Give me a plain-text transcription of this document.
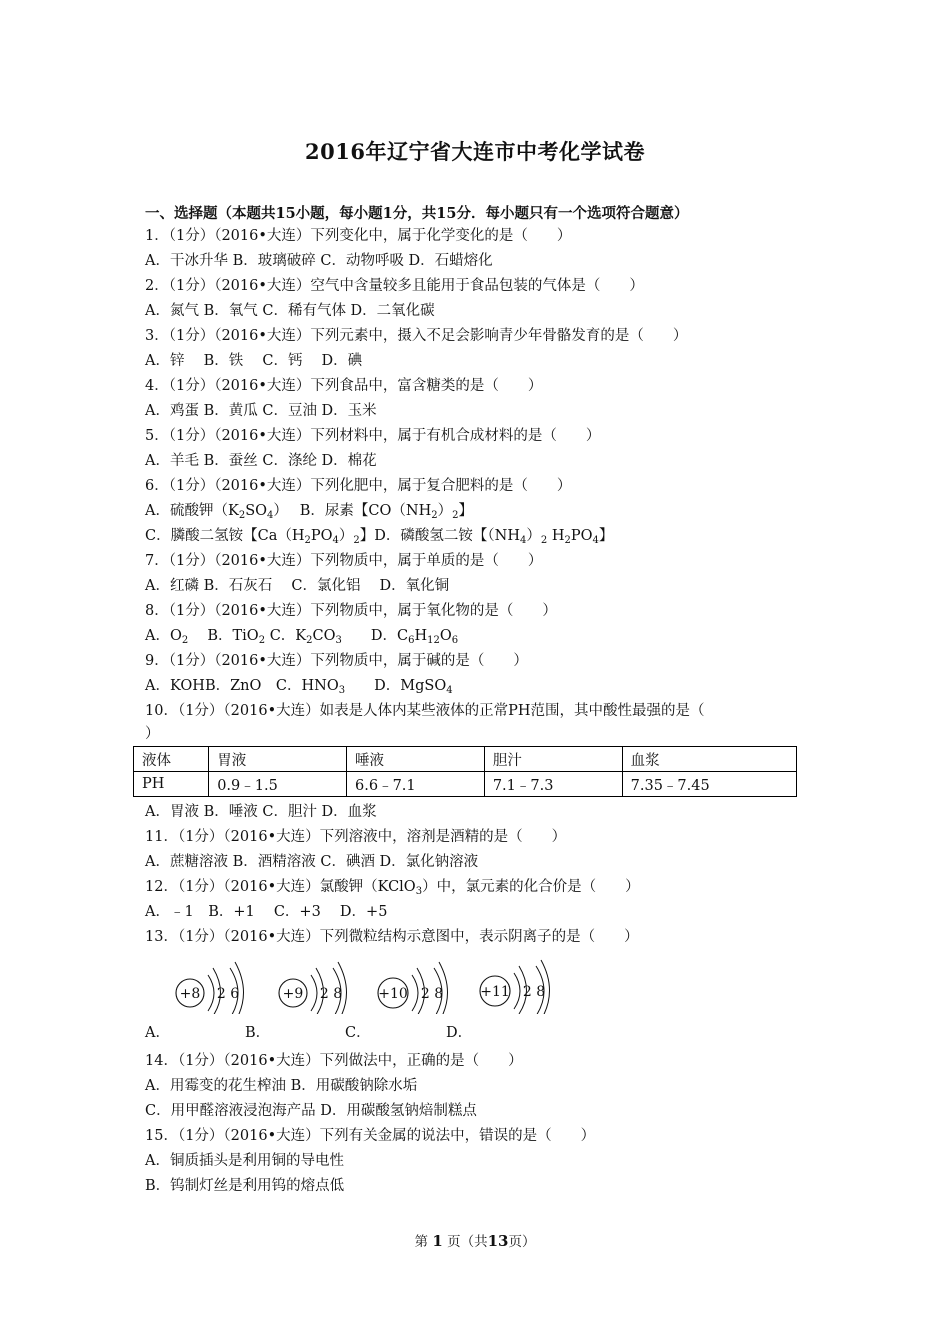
2016年辽宁省大连市中考化学试卷
一、选择题（本题共15小题，每小题1分，共15分．每小题只有一个选项符合题意）
1．（1分）（2016•大连）下列变化中，属于化学变化的是（　　）
A．干冰升华 B．玻璃破碎 C．动物呼吸 D．石蜡熔化
2．（1分）（2016•大连）空气中含量较多且能用于食品包装的气体是（　　）
A．氮气 B．氧气 C．稀有气体 D．二氧化碳
3．（1分）（2016•大连）下列元素中，摄入不足会影响青少年骨骼发育的是（　　）
A．锌　 B．铁　 C．钙　 D．碘
4．（1分）（2016•大连）下列食品中，富含糖类的是（　　）
A．鸡蛋 B．黄瓜 C．豆油 D．玉米
5．（1分）（2016•大连）下列材料中，属于有机合成材料的是（　　）
A．羊毛 B．蚕丝 C．涤纶 D．棉花
6．（1分）（2016•大连）下列化肥中，属于复合肥料的是（　　）
A．硫酸钾$(K_2SO_4)$　 B．尿素【$CO(NH_2)_2$】
C．膦酸二氢铵【$Ca(H_2PO_4)_2$】D．磷酸氢二铵【$(NH_4)_2$ $H_2PO_4$】
7．（1分）（2016•大连）下列物质中，属于单质的是（　　）
A．红磷 B．石灰石　 C．氯化铝　 D．氧化铜
8．（1分）（2016•大连）下列物质中，属于氧化物的是（　　）
A．$O_2$　 B．TiO$_2$ C．$K_2CO_3$　　 D．$C_6H_{12}O_6$
9．（1分）（2016•大连）下列物质中，属于碱的是（　　）
A．KOHB．ZnO　 C．$HNO_3$　　 D．MgSO$_4$
10．（1分）（2016•大连）如表是人体内某些液体的正常PH范围，其中酸性最强的是（
）
液体	胃液	唾液	胆汁	血浆
PH	0.9﹣1.5	6.6﹣7.1	7.1﹣7.3	7.35﹣7.45
A．胃液 B．唾液 C．胆汁 D．血浆
11．（1分）（2016•大连）下列溶液中，溶剂是酒精的是（　　）
A．蔗糖溶液 B．酒精溶液 C．碘酒 D．氯化钠溶液
12．（1分）（2016•大连）氯酸钾（KClO$_3$）中，氯元素的化合价是（　　）
A．﹣1　B．+1　 C．+3　 D．+5
13．（1分）（2016•大连）下列微粒结构示意图中，表示阴离子的是（　　）
+8 2 6	+9 2 8	+10 2 8	+11 2 8
A．	B．	C．	D．
14．（1分）（2016•大连）下列做法中，正确的是（　　）
A．用霉变的花生榨油 B．用碳酸钠除水垢
C．用甲醛溶液浸泡海产品 D．用碳酸氢钠焙制糕点
15．（1分）（2016•大连）下列有关金属的说法中，错误的是（　　）
A．铜质插头是利用铜的导电性
B．钨制灯丝是利用钨的熔点低
第 1 页（共13页）
